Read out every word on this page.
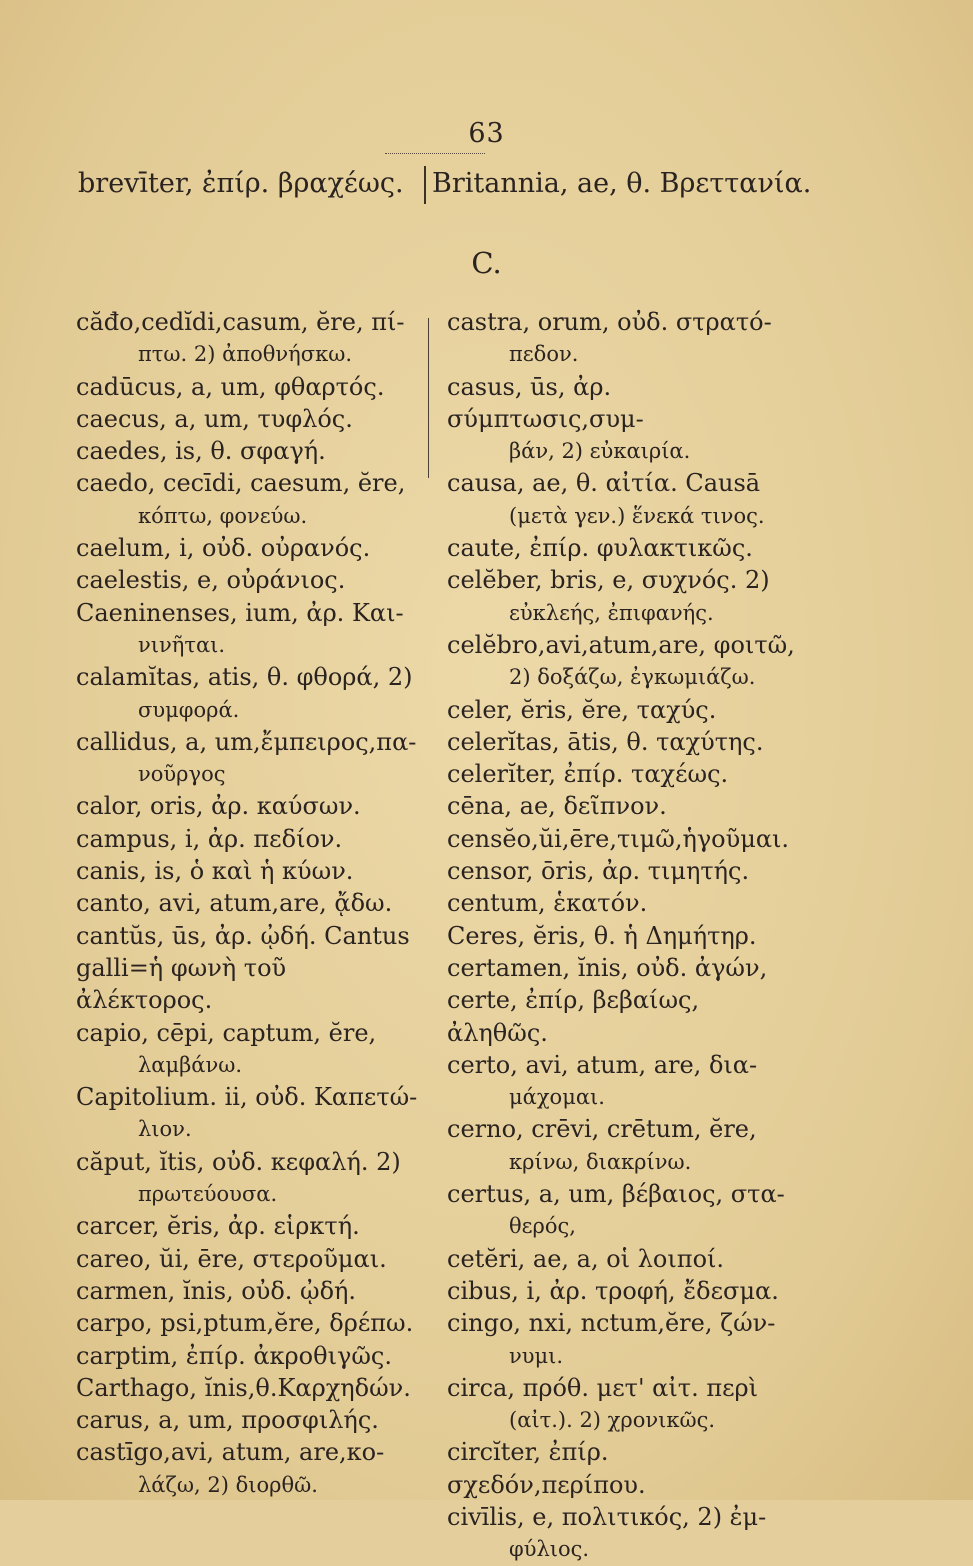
63
brevīter, ἐπίρ. βραχέως. Britannia, ae, θ. Βρεττανία.
C.
căđo,cedĭdi,casum, ĕre, πί-
πτω. 2) ἀποθνήσκω.
cadūcus, a, um, φθαρτός.
caecus, a, um, τυφλός.
caedes, is, θ. σφαγή.
caedo, cecīdi, caesum, ĕre,
κόπτω, φονεύω.
caelum, i, οὐδ. οὐρανός.
caelestis, e, οὐράνιος.
Caeninenses, ium, ἀρ. Και-
νινῆται.
calamĭtas, atis, θ. φθορά, 2)
συμφορά.
callidus, a, um,ἔμπειρος,πα-
νοῦργος
calor, oris, ἀρ. καύσων.
campus, i, ἀρ. πεδίον.
canis, is, ὁ καὶ ἡ κύων.
canto, avi, atum,are, ᾄδω.
cantŭs, ūs, ἀρ. ᾠδή. Cantus
galli=ἡ φωνὴ τοῦ ἀλέκτορος.
capio, cēpi, captum, ĕre,
λαμβάνω.
Capitolium. ii, οὐδ. Καπετώ-
λιον.
căput, ĭtis, οὐδ. κεφαλή. 2)
πρωτεύουσα.
carcer, ĕris, ἀρ. εἱρκτή.
careo, ŭi, ēre, στεροῦμαι.
carmen, ĭnis, οὐδ. ᾠδή.
carpo, psi,ptum,ĕre, δρέπω.
carptim, ἐπίρ. ἀκροθιγῶς.
Carthago, ĭnis,θ.Καρχηδών.
carus, a, um, προσφιλής.
castīgo,avi, atum, are,κο-
λάζω, 2) διορθῶ.
castra, orum, οὐδ. στρατό-
πεδον.
casus, ūs, ἀρ. σύμπτωσις,συμ-
βάν, 2) εὐκαιρία.
causa, ae, θ. αἰτία. Causā
(μετὰ γεν.) ἕνεκά τινος.
caute, ἐπίρ. φυλακτικῶς.
celĕber, bris, e, συχνός. 2)
εὐκλεής, ἐπιφανής.
celĕbro,avi,atum,are, φοιτῶ,
2) δοξάζω, ἐγκωμιάζω.
celer, ĕris, ĕre, ταχύς.
celerĭtas, ātis, θ. ταχύτης.
celerĭter, ἐπίρ. ταχέως.
cēna, ae, δεῖπνον.
censĕo,ŭi,ēre,τιμῶ,ἡγοῦμαι.
censor, ōris, ἀρ. τιμητής.
centum, ἑκατόν.
Ceres, ĕris, θ. ἡ Δημήτηρ.
certamen, ĭnis, οὐδ. ἀγών,
certe, ἐπίρ, βεβαίως, ἀληθῶς.
certo, avi, atum, are, δια-
μάχομαι.
cerno, crēvi, crētum, ĕre,
κρίνω, διακρίνω.
certus, a, um, βέβαιος, στα-
θερός,
cetĕri, ae, a, οἱ λοιποί.
cibus, i, ἀρ. τροφή, ἔδεσμα.
cingo, nxi, nctum,ĕre, ζών-
νυμι.
circa, πρόθ. μετ' αἰτ. περὶ
(αἰτ.). 2) χρονικῶς.
circĭter, ἐπίρ. σχεδόν,περίπου.
civīlis, e, πολιτικός, 2) ἐμ-
φύλιος.
